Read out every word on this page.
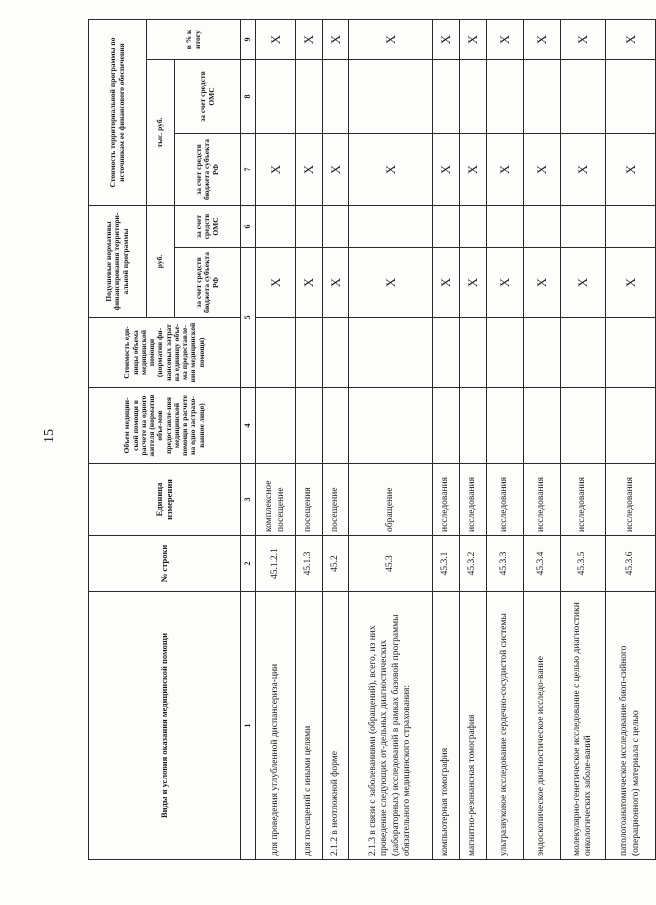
15
Виды и условия оказания медицинской помощи	№ строки	Единица измерения	Объем медицин-ской помощи в расчете на одного жителя (норматив объе-мов предоставле-ния медицинской помощи в расчете на одно застрахо-ванное лицо)	Стоимость еди-ницы объема медицинской помощи (норматив фи-нансовых затрат на единицу объе-ма предоставле-ния медицинской помощи)	Подушевые нормативы финансирования территори-альной программы		Стоимость территориальной программы по источникам ее финансового обеспечения		
					руб.		тыс. руб.		в % к итогу
					за счет средств бюджета субъекта РФ	за счет средств ОМС	за счет средств бюджета субъекта РФ	за счет средств ОМС	
1	2	3	4	5		6	7	8	9
для проведения углубленной диспансериза-ции	45.1.2.1	комплексное посещение			X		X		X
для посещений с иными целями	45.1.3	посещения			X		X		X
2.1.2 в неотложной форме	45.2	посещение			X		X		X
2.1.3 в связи с заболеваниями (обращений), всего, из них проведение следующих от-дельных диагностических (лабораторных) исследований в рамках базовой программы обязательного медицинского страхования:	45.3	обращение			X		X		X
компьютерная томография	45.3.1	исследования			X		X		X
магнитно-резонансная томография	45.3.2	исследования			X		X		X
ультразвуковое исследование сердечно-сосудистой системы	45.3.3	исследования			X		X		X
эндоскопическое диагностическое исследо-вание	45.3.4	исследования			X		X		X
молекулярно-генетическое исследование с целью диагностики онкологических заболе-ваний	45.3.5	исследования			X		X		X
патологоанатомическое исследование биоп-сийного (операционного) материала с целью	45.3.6	исследования			X		X		X
